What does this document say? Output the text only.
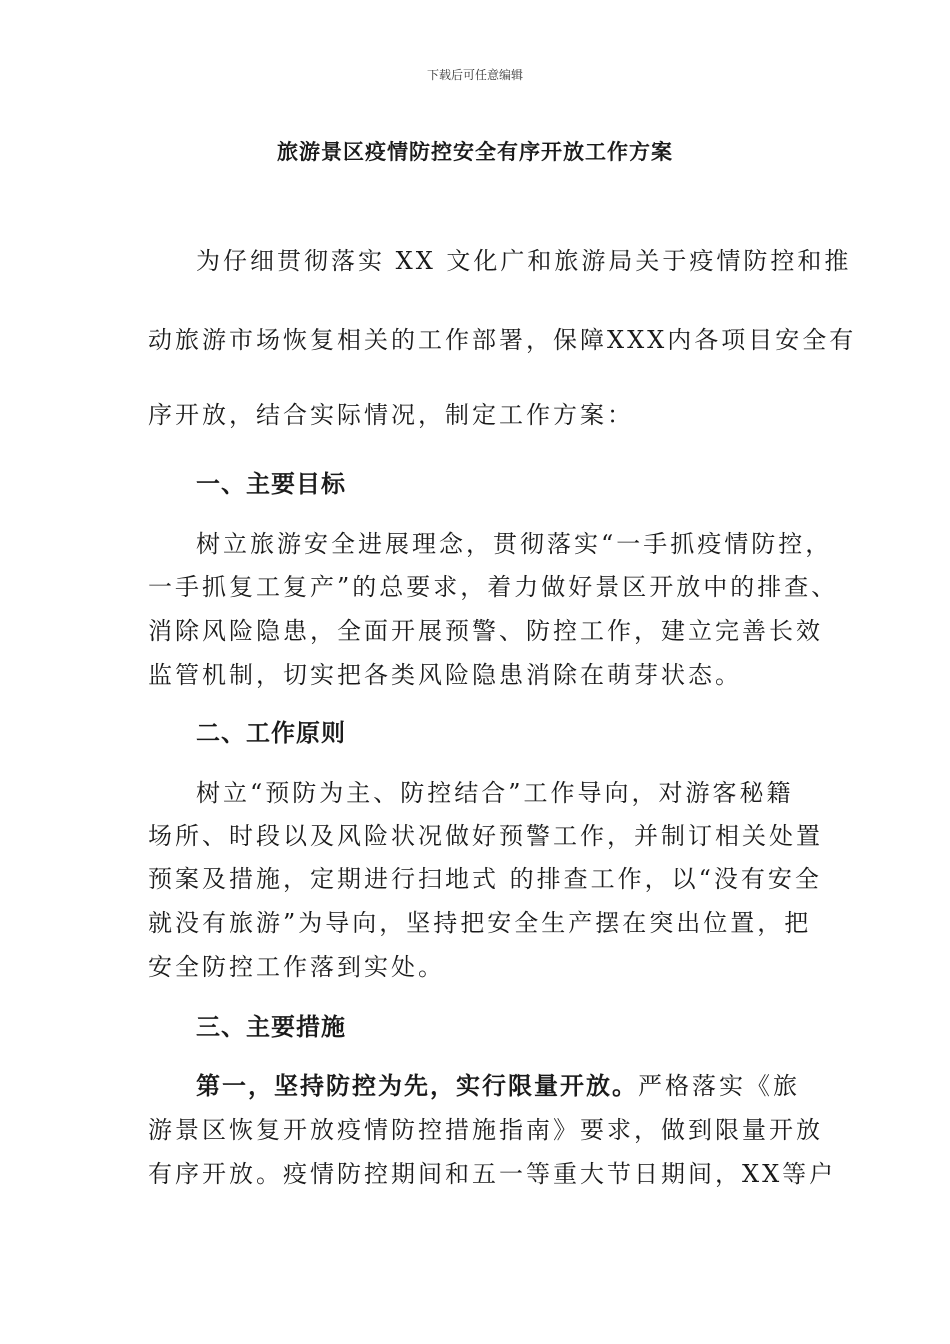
下载后可任意编辑
旅游景区疫情防控安全有序开放工作方案
为仔细贯彻落实 XX 文化广和旅游局关于疫情防控和推
动旅游市场恢复相关的工作部署，保障XXX内各项目安全有
序开放，结合实际情况，制定工作方案：
一、主要目标
树立旅游安全进展理念，贯彻落实“一手抓疫情防控，
一手抓复工复产”的总要求，着力做好景区开放中的排查、
消除风险隐患，全面开展预警、防控工作，建立完善长效
监管机制，切实把各类风险隐患消除在萌芽状态。
二、工作原则
树立“预防为主、防控结合”工作导向，对游客秘籍
场所、时段以及风险状况做好预警工作，并制订相关处置
预案及措施，定期进行扫地式 的排查工作，以“没有安全
就没有旅游”为导向，坚持把安全生产摆在突出位置，把
安全防控工作落到实处。
三、主要措施
第一，坚持防控为先，实行限量开放。严格落实《旅
游景区恢复开放疫情防控措施指南》要求，做到限量开放
有序开放。疫情防控期间和五一等重大节日期间，XX等户
